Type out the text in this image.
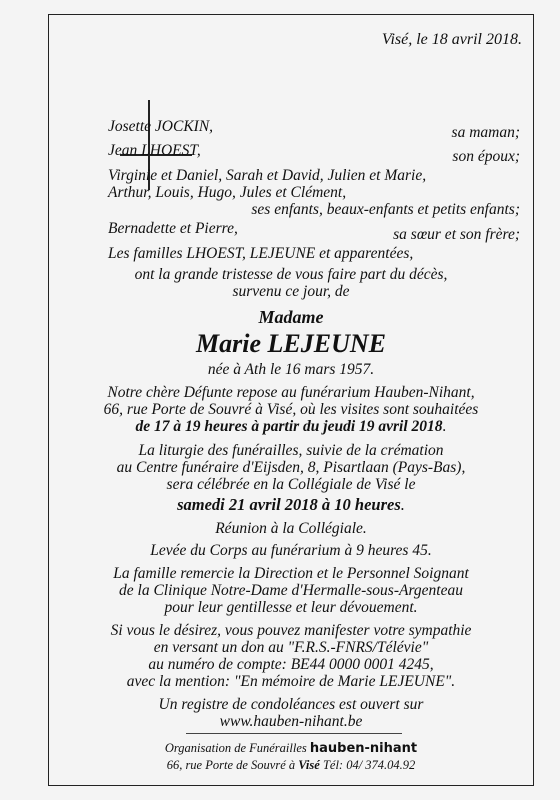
Visé, le 18 avril 2018.
Josette JOCKIN,	sa maman;
Jean LHOEST,	son époux;
Virginie et Daniel, Sarah et David, Julien et Marie,
Arthur, Louis, Hugo, Jules et Clément,
ses enfants, beaux-enfants et petits enfants;
Bernadette et Pierre,	sa sœur et son frère;
Les familles LHOEST, LEJEUNE et apparentées,
ont la grande tristesse de vous faire part du décès,
survenu ce jour, de
Madame
Marie LEJEUNE
née à Ath le 16 mars 1957.
Notre chère Défunte repose au funérarium Hauben-Nihant,
66, rue Porte de Souvré à Visé, où les visites sont souhaitées
de 17 à 19 heures à partir du jeudi 19 avril 2018.
La liturgie des funérailles, suivie de la crémation
au Centre funéraire d'Eijsden, 8, Pisartlaan (Pays-Bas),
sera célébrée en la Collégiale de Visé le
samedi 21 avril 2018 à 10 heures.
Réunion à la Collégiale.
Levée du Corps au funérarium à 9 heures 45.
La famille remercie la Direction et le Personnel Soignant
de la Clinique Notre-Dame d'Hermalle-sous-Argenteau
pour leur gentillesse et leur dévouement.
Si vous le désirez, vous pouvez manifester votre sympathie
en versant un don au "F.R.S.-FNRS/Télévie"
au numéro de compte: BE44 0000 0001 4245,
avec la mention: "En mémoire de Marie LEJEUNE".
Un registre de condoléances est ouvert sur
www.hauben-nihant.be
Organisation de Funérailles hauben-nihant
66, rue Porte de Souvré à Visé Tél: 04/ 374.04.92
